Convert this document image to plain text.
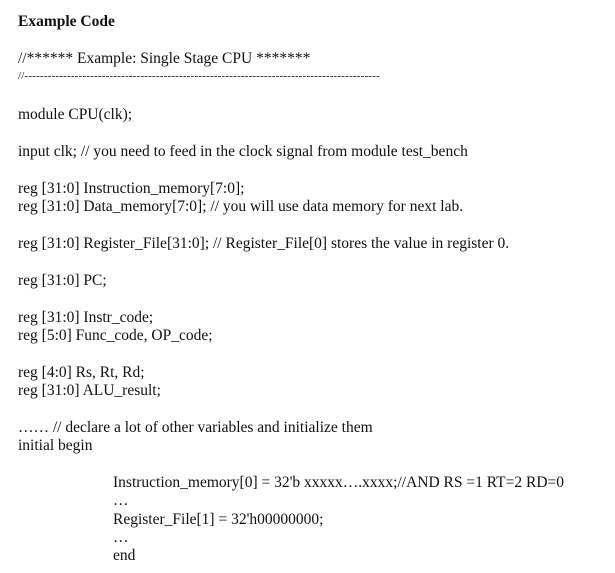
Example Code
//****** Example: Single Stage CPU *******
//--------------------------------------------------------------------------------------------
module CPU(clk);
input clk; // you need to feed in the clock signal from module test_bench
reg [31:0] Instruction_memory[7:0];
reg [31:0] Data_memory[7:0]; // you will use data memory for next lab.
reg [31:0] Register_File[31:0]; // Register_File[0] stores the value in register 0.
reg [31:0] PC;
reg [31:0] Instr_code;
reg [5:0] Func_code, OP_code;
reg [4:0] Rs, Rt, Rd;
reg [31:0] ALU_result;
…… // declare a lot of other variables and initialize them
initial begin
Instruction_memory[0] = 32'b xxxxx….xxxx;//AND RS =1 RT=2 RD=0
…
Register_File[1] = 32'h00000000;
…
end
